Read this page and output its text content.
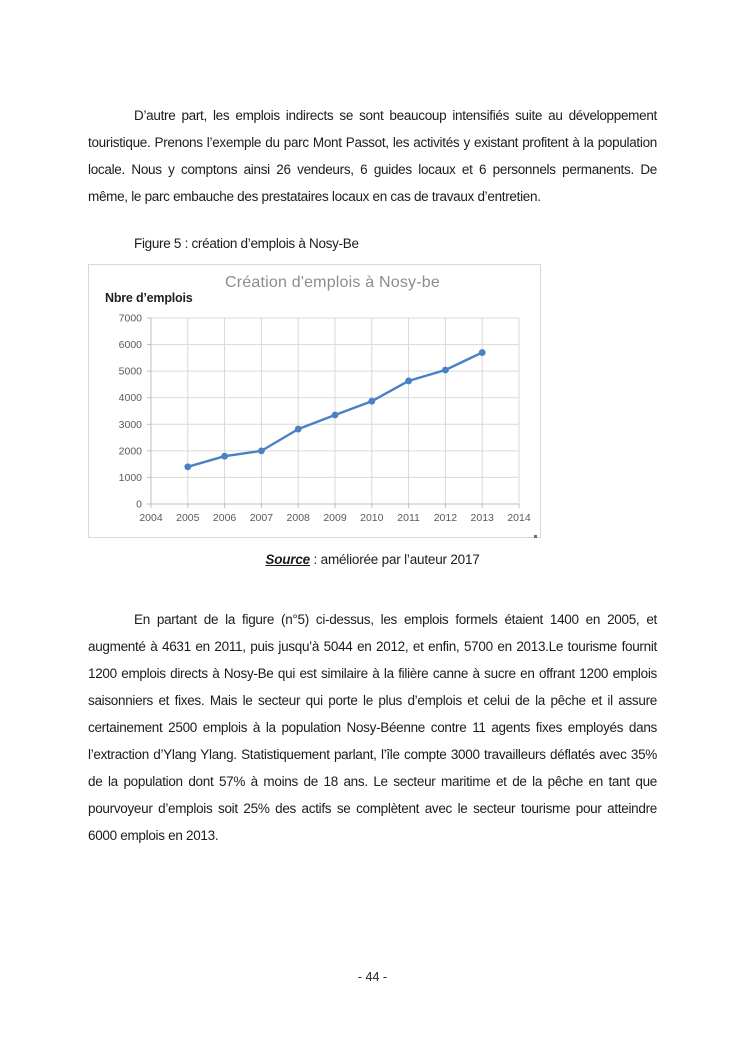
D’autre part, les emplois indirects se sont beaucoup intensifiés suite au développement touristique. Prenons l’exemple du parc Mont Passot, les activités y existant profitent à la population locale. Nous y comptons ainsi 26 vendeurs, 6 guides locaux et 6 personnels permanents. De même, le parc embauche des prestataires locaux en cas de travaux d’entretien.

Figure 5 : création d’emplois à Nosy-Be
0
1000
2000
3000
4000
5000
6000
7000
2004 2005 2006 2007 2008 2009 2010 2011 2012 2013 2014
Nbre d’emplois
Création d'emplois à Nosy-be
Source : améliorée par l’auteur 2017

En partant de la figure (n°5) ci-dessus, les emplois formels étaient 1400 en 2005, et augmenté à 4631 en 2011, puis jusqu’à 5044 en 2012, et enfin, 5700 en 2013.Le tourisme fournit 1200 emplois directs à Nosy-Be qui est similaire à la filière canne à sucre en offrant 1200 emplois saisonniers et fixes. Mais le secteur qui porte le plus d’emplois et celui de la pêche et il assure certainement 2500 emplois à la population Nosy-Béenne contre 11 agents fixes employés dans l’extraction d’Ylang Ylang. Statistiquement parlant, l’île compte 3000 travailleurs déflatés avec 35% de la population dont 57% à moins de 18 ans. Le secteur maritime et de la pêche en tant que pourvoyeur d’emplois soit 25% des actifs se complètent avec le secteur tourisme pour atteindre 6000 emplois en 2013.

- 44 -
